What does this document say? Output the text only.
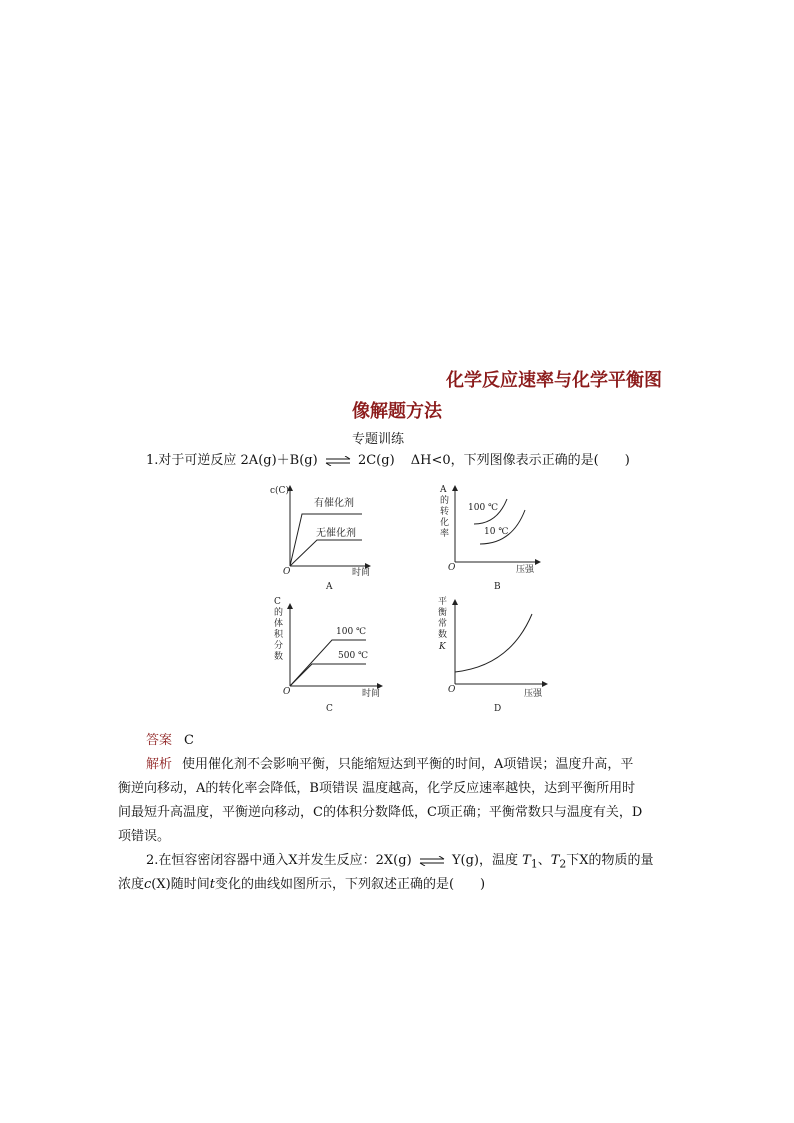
化学反应速率与化学平衡图
像解题方法
专题训练
1.对于可逆反应 2A(g)＋B(g) ⇌ 2C(g) ΔH<0，下列图像表示正确的是(　　)
c(C)
有催化剂
无催化剂
O	时间
A
A
的
转
化
率
100 ℃
10 ℃
O	压强
B
C
的
体
积
分
数
100 ℃
500 ℃
O	时间
C
平
衡
常
数
K
O	压强
D
答案 C
解析 使用催化剂不会影响平衡，只能缩短达到平衡的时间，A项错误；温度升高，平
衡逆向移动，A的转化率会降低，B项错误 温度越高，化学反应速率越快，达到平衡所用时
间最短升高温度，平衡逆向移动，C的体积分数降低，C项正确；平衡常数只与温度有关，D
项错误。
2.在恒容密闭容器中通入X并发生反应：2X(g) ⇌ Y(g)，温度 $T_1$、$T_2$下X的物质的量
浓度c(X)随时间t变化的曲线如图所示，下列叙述正确的是(　　)
